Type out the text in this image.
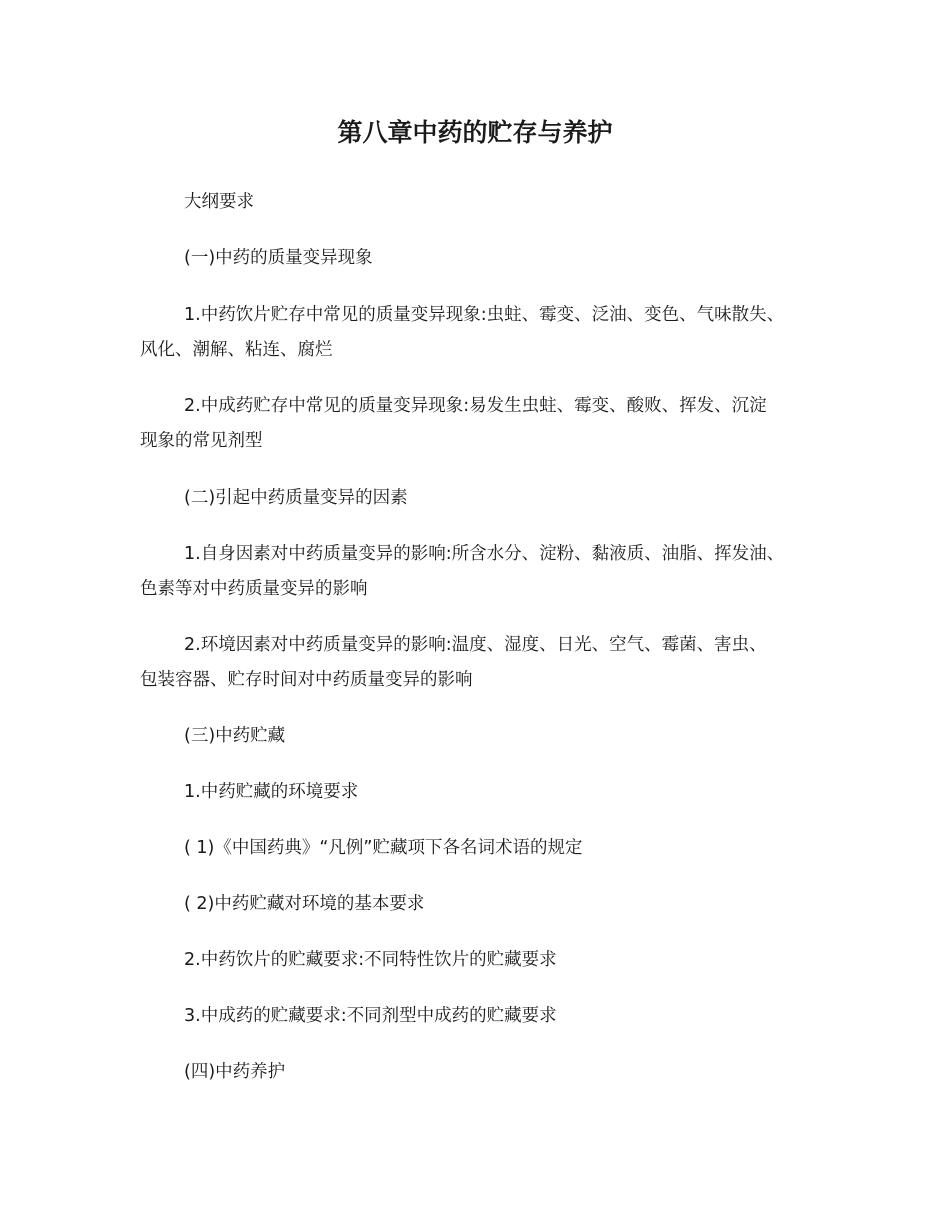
第八章中药的贮存与养护
大纲要求
(一)中药的质量变异现象
1.中药饮片贮存中常见的质量变异现象:虫蛀、霉变、泛油、变色、气味散失、
风化、潮解、粘连、腐烂
2.中成药贮存中常见的质量变异现象:易发生虫蛀、霉变、酸败、挥发、沉淀
现象的常见剂型
(二)引起中药质量变异的因素
1.自身因素对中药质量变异的影响:所含水分、淀粉、黏液质、油脂、挥发油、
色素等对中药质量变异的影响
2.环境因素对中药质量变异的影响:温度、湿度、日光、空气、霉菌、害虫、
包装容器、贮存时间对中药质量变异的影响
(三)中药贮藏
1.中药贮藏的环境要求
( 1)《中国药典》“凡例”贮藏项下各名词术语的规定
( 2)中药贮藏对环境的基本要求
2.中药饮片的贮藏要求:不同特性饮片的贮藏要求
3.中成药的贮藏要求:不同剂型中成药的贮藏要求
(四)中药养护
